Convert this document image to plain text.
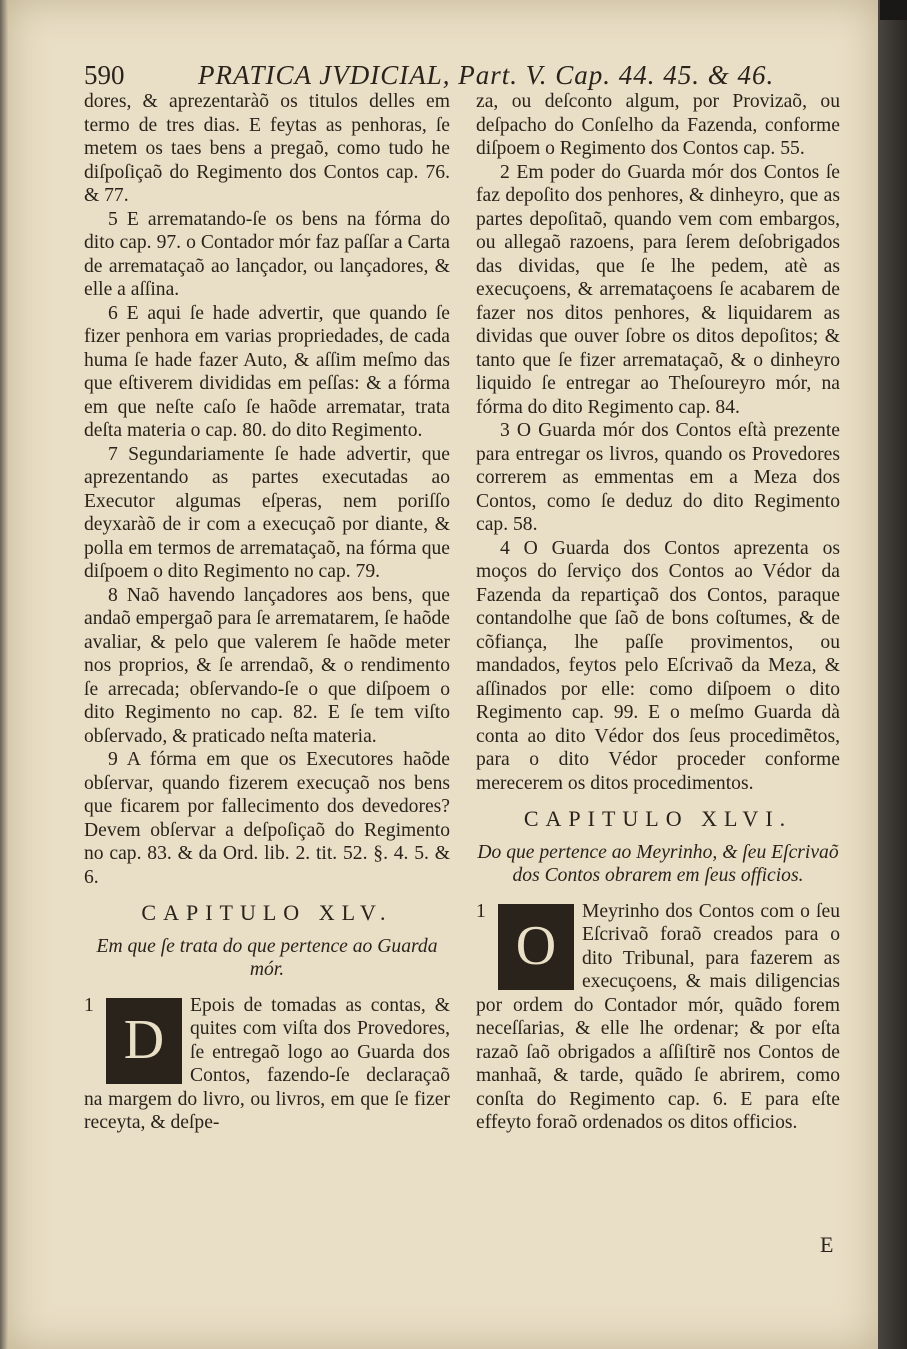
590	PRATICA JVDICIAL, Part. V. Cap. 44. 45. & 46.

dores, & aprezentaràõ os titulos delles em termo de tres dias. E feytas as penhoras, ſe metem os taes bens a pregaõ, como tudo he diſpoſiçaõ do Regimento dos Contos cap. 76. & 77.

5 E arrematando-ſe os bens na fórma do dito cap. 97. o Contador mór faz paſſar a Carta de arremataçaõ ao lançador, ou lançadores, & elle a aſſina.

6 E aqui ſe hade advertir, que quando ſe fizer penhora em varias propriedades, de cada huma ſe hade fazer Auto, & aſſim meſmo das que eſtiverem divididas em peſſas: & a fórma em que neſte caſo ſe haõde arrematar, trata deſta materia o cap. 80. do dito Regimento.

7 Segundariamente ſe hade advertir, que aprezentando as partes executadas ao Executor algumas eſperas, nem poriſſo deyxaràõ de ir com a execuçaõ por diante, & polla em termos de arremataçaõ, na fórma que diſpoem o dito Regimento no cap. 79.

8 Naõ havendo lançadores aos bens, que andaõ empergaõ para ſe arrematarem, ſe haõde avaliar, & pelo que valerem ſe haõde meter nos proprios, & ſe arrendaõ, & o rendimento ſe arrecada; obſervando-ſe o que diſpoem o dito Regimento no cap. 82. E ſe tem viſto obſervado, & praticado neſta materia.

9 A fórma em que os Executores haõde obſervar, quando fizerem execuçaõ nos bens que ficarem por fallecimento dos devedores? Devem obſervar a deſpoſiçaõ do Regimento no cap. 83. & da Ord. lib. 2. tit. 52. §. 4. 5. & 6.

CAPITULO XLV.

Em que ſe trata do que pertence ao Guarda mór.

1
D

Epois de tomadas as contas, & quites com viſta dos Provedores, ſe entregaõ logo ao Guarda dos Contos, fazendo-ſe declaraçaõ na margem do livro, ou livros, em que ſe fizer receyta, & deſpe-

za, ou deſconto algum, por Provizaõ, ou deſpacho do Conſelho da Fazenda, conforme diſpoem o Regimento dos Contos cap. 55.

2 Em poder do Guarda mór dos Contos ſe faz depoſito dos penhores, & dinheyro, que as partes depoſitaõ, quando vem com embargos, ou allegaõ razoens, para ſerem deſobrigados das dividas, que ſe lhe pedem, atè as execuçoens, & arremataçoens ſe acabarem de fazer nos ditos penhores, & liquidarem as dividas que ouver ſobre os ditos depoſitos; & tanto que ſe fizer arremataçaõ, & o dinheyro liquido ſe entregar ao Theſoureyro mór, na fórma do dito Regimento cap. 84.

3 O Guarda mór dos Contos eſtà prezente para entregar os livros, quando os Provedores correrem as emmentas em a Meza dos Contos, como ſe deduz do dito Regimento cap. 58.

4 O Guarda dos Contos aprezenta os moços do ſerviço dos Contos ao Védor da Fazenda da repartiçaõ dos Contos, paraque contandolhe que ſaõ de bons coſtumes, & de cõfiança, lhe paſſe provimentos, ou mandados, feytos pelo Eſcrivaõ da Meza, & aſſinados por elle: como diſpoem o dito Regimento cap. 99. E o meſmo Guarda dà conta ao dito Védor dos ſeus procedimẽtos, para o dito Védor proceder conforme merecerem os ditos procedimentos.

CAPITULO XLVI.

Do que pertence ao Meyrinho, & ſeu Eſcrivaõ dos Contos obrarem em ſeus officios.

1
O

Meyrinho dos Contos com o ſeu Eſcrivaõ foraõ creados para o dito Tribunal, para fazerem as execuçoens, & mais diligencias por ordem do Contador mór, quãdo forem neceſſarias, & elle lhe ordenar; & por eſta razaõ ſaõ obrigados a aſſiſtirẽ nos Contos de manhaã, & tarde, quãdo ſe abrirem, como conſta do Regimento cap. 6. E para eſte effeyto foraõ ordenados os ditos officios.

E
